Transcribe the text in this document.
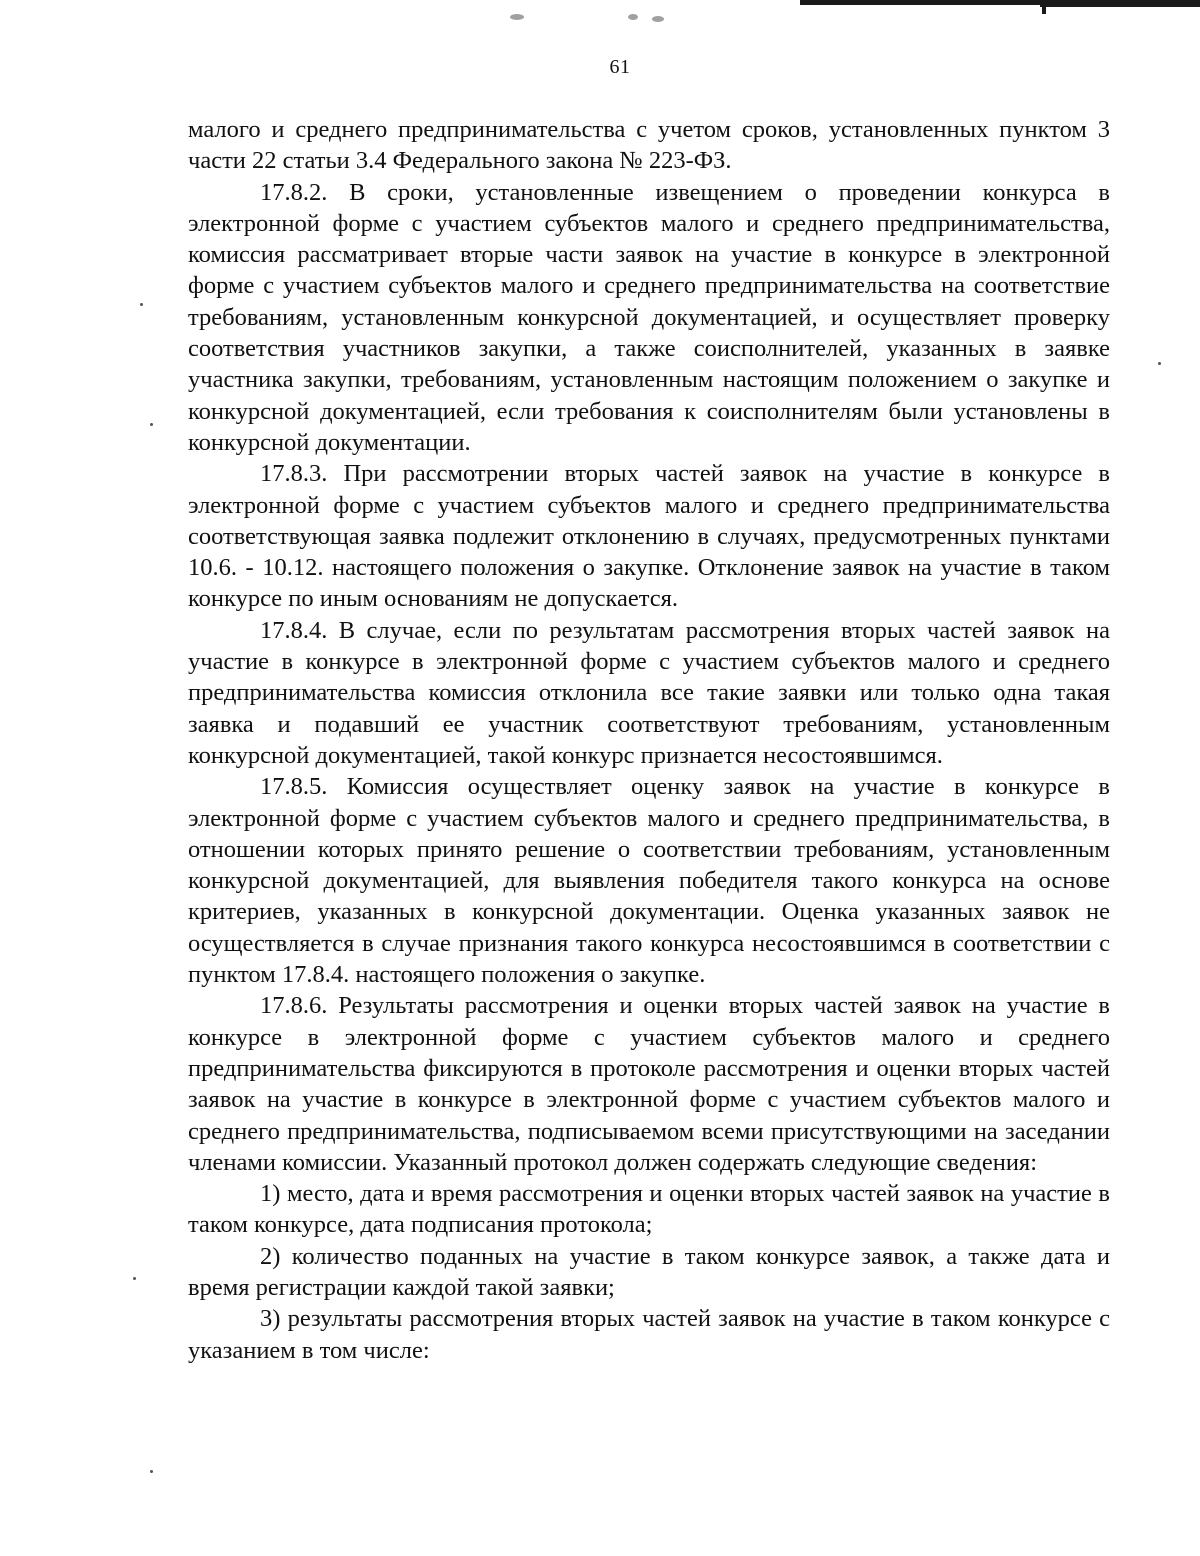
61

малого и среднего предпринимательства с учетом сроков, установленных пунктом 3 части 22 статьи 3.4 Федерального закона № 223-ФЗ.

17.8.2. В сроки, установленные извещением о проведении конкурса в электронной форме с участием субъектов малого и среднего предпринимательства, комиссия рассматривает вторые части заявок на участие в конкурсе в электронной форме с участием субъектов малого и среднего предпринимательства на соответствие требованиям, установленным конкурсной документацией, и осуществляет проверку соответствия участников закупки, а также соисполнителей, указанных в заявке участника закупки, требованиям, установленным настоящим положением о закупке и конкурсной документацией, если требования к соисполнителям были установлены в конкурсной документации.

17.8.3. При рассмотрении вторых частей заявок на участие в конкурсе в электронной форме с участием субъектов малого и среднего предпринимательства соответствующая заявка подлежит отклонению в случаях, предусмотренных пунктами 10.6. - 10.12. настоящего положения о закупке. Отклонение заявок на участие в таком конкурсе по иным основаниям не допускается.

17.8.4. В случае, если по результатам рассмотрения вторых частей заявок на участие в конкурсе в электронной форме с участием субъектов малого и среднего предпринимательства комиссия отклонила все такие заявки или только одна такая заявка и подавший ее участник соответствуют требованиям, установленным конкурсной документацией, такой конкурс признается несостоявшимся.

17.8.5. Комиссия осуществляет оценку заявок на участие в конкурсе в электронной форме с участием субъектов малого и среднего предпринимательства, в отношении которых принято решение о соответствии требованиям, установленным конкурсной документацией, для выявления победителя такого конкурса на основе критериев, указанных в конкурсной документации. Оценка указанных заявок не осуществляется в случае признания такого конкурса несостоявшимся в соответствии с пунктом 17.8.4. настоящего положения о закупке.

17.8.6. Результаты рассмотрения и оценки вторых частей заявок на участие в конкурсе в электронной форме с участием субъектов малого и среднего предпринимательства фиксируются в протоколе рассмотрения и оценки вторых частей заявок на участие в конкурсе в электронной форме с участием субъектов малого и среднего предпринимательства, подписываемом всеми присутствующими на заседании членами комиссии. Указанный протокол должен содержать следующие сведения:

1) место, дата и время рассмотрения и оценки вторых частей заявок на участие в таком конкурсе, дата подписания протокола;

2) количество поданных на участие в таком конкурсе заявок, а также дата и время регистрации каждой такой заявки;

3) результаты рассмотрения вторых частей заявок на участие в таком конкурсе с указанием в том числе:
